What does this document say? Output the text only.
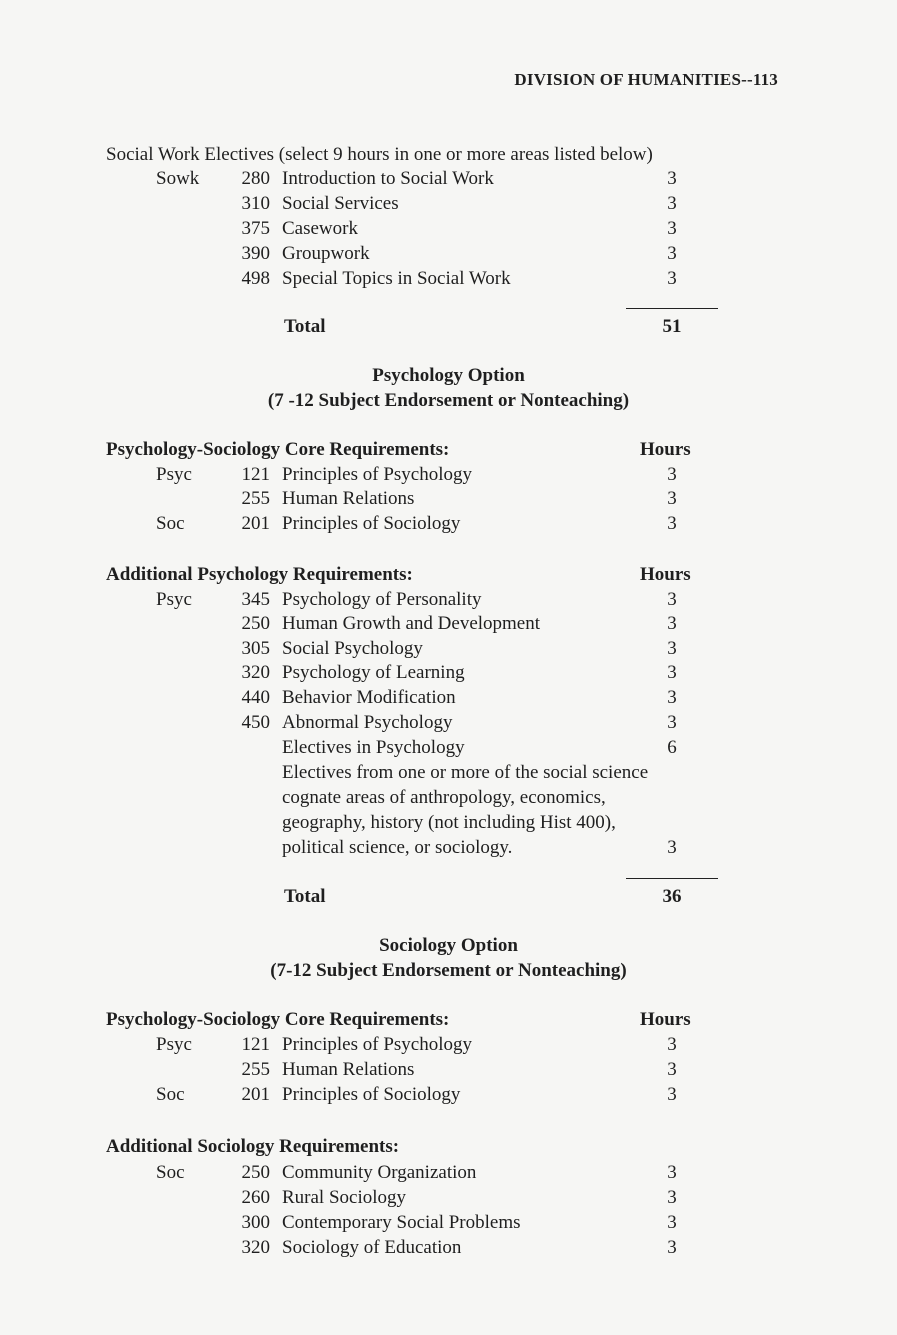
DIVISION OF HUMANITIES--113
Social Work Electives (select 9 hours in one or more areas listed below)
Sowk	280 Introduction to Social Work	3
310 Social Services	3
375 Casework	3
390 Groupwork	3
498 Special Topics in Social Work	3
Total	51
Psychology Option
(7 -12 Subject Endorsement or Nonteaching)
Psychology-Sociology Core Requirements:	Hours
Psyc	121 Principles of Psychology	3
255 Human Relations	3
Soc	201 Principles of Sociology	3
Additional Psychology Requirements:	Hours
Psyc	345 Psychology of Personality	3
250 Human Growth and Development	3
305 Social Psychology	3
320 Psychology of Learning	3
440 Behavior Modification	3
450 Abnormal Psychology	3
Electives in Psychology	6
Electives from one or more of the social science
cognate areas of anthropology, economics,
geography, history (not including Hist 400),
political science, or sociology.	3
Total	36
Sociology Option
(7-12 Subject Endorsement or Nonteaching)
Psychology-Sociology Core Requirements:	Hours
Psyc	121 Principles of Psychology	3
255 Human Relations	3
Soc	201 Principles of Sociology	3
Additional Sociology Requirements:
Soc	250 Community Organization	3
260 Rural Sociology	3
300 Contemporary Social Problems	3
320 Sociology of Education	3
